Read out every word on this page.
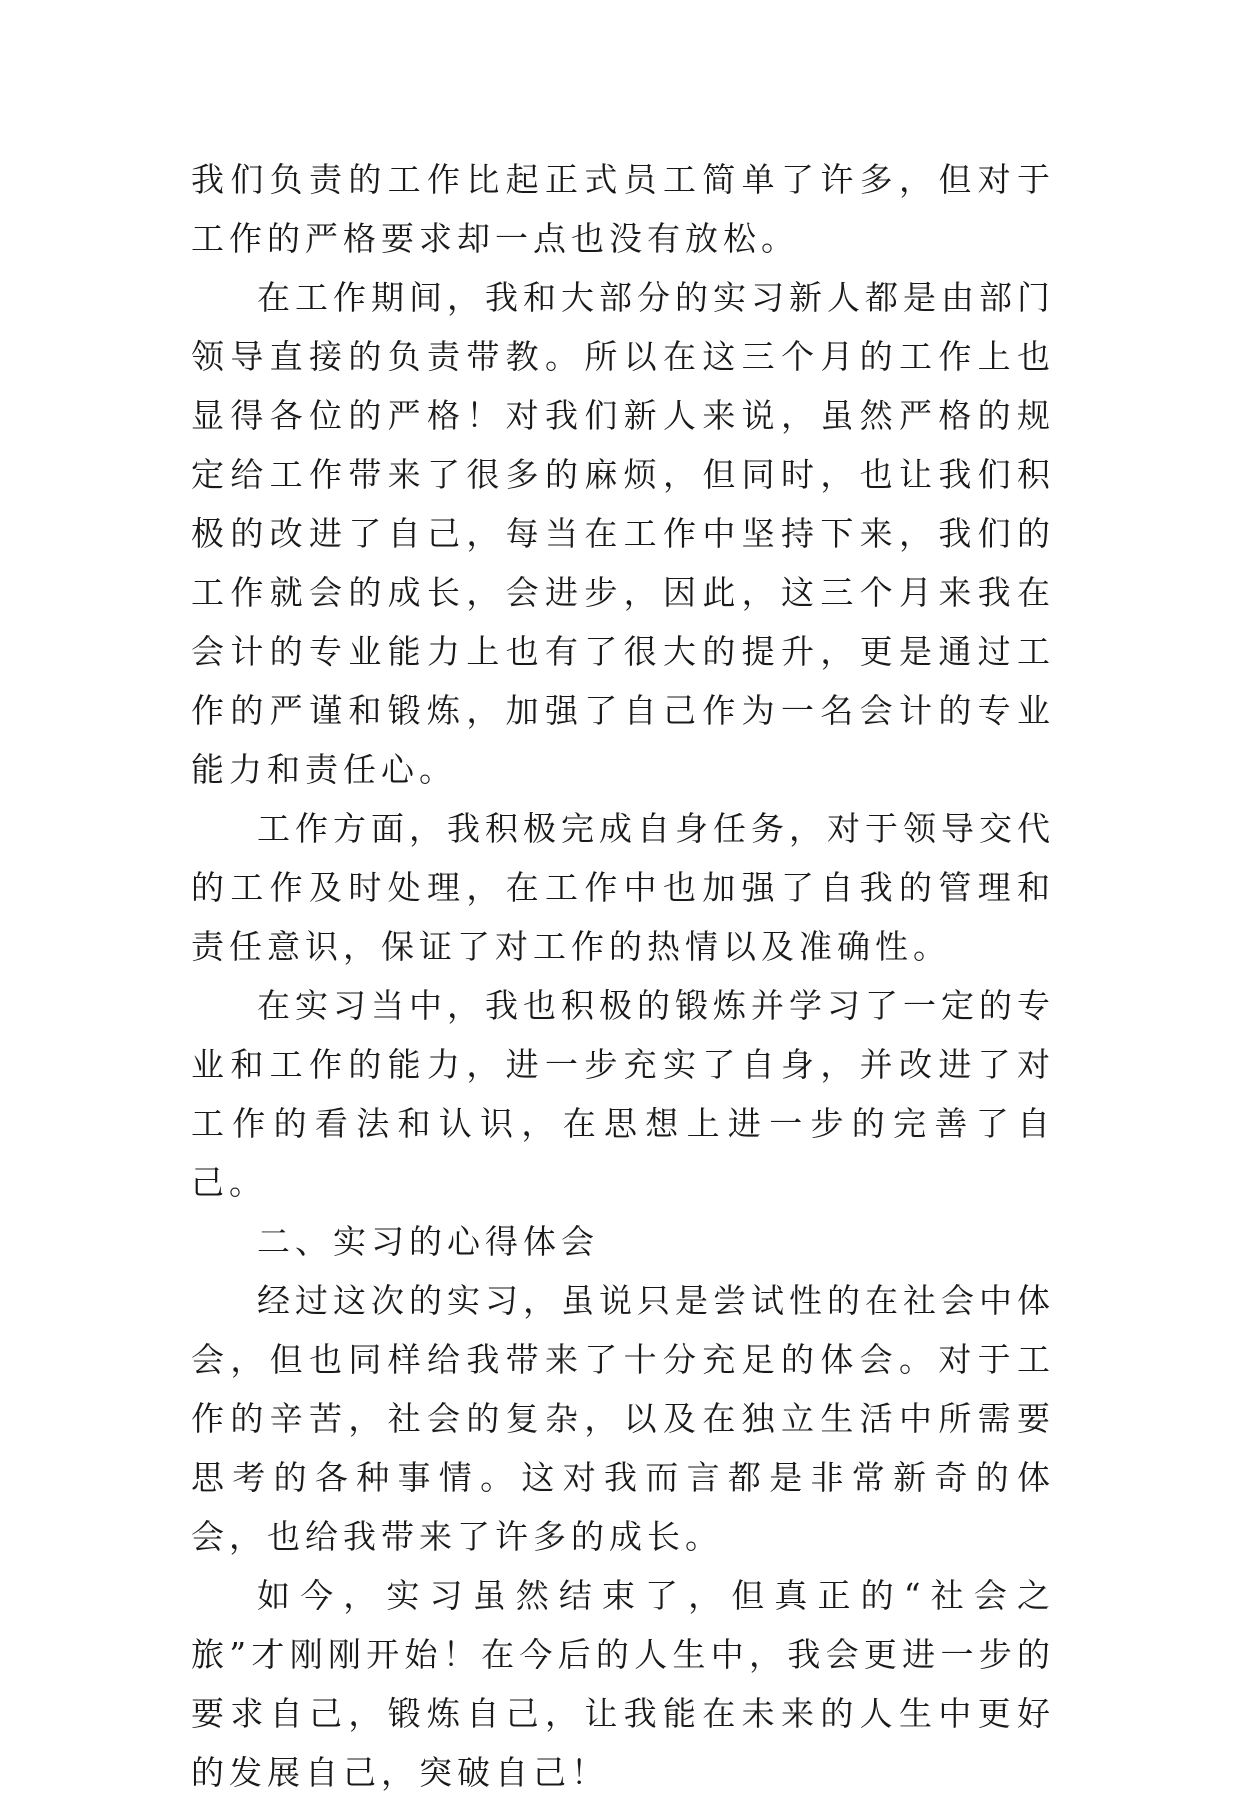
我们负责的工作比起正式员工简单了许多，但对于工作的严格要求却一点也没有放松。

在工作期间，我和大部分的实习新人都是由部门领导直接的负责带教。所以在这三个月的工作上也显得各位的严格！对我们新人来说，虽然严格的规定给工作带来了很多的麻烦，但同时，也让我们积极的改进了自己，每当在工作中坚持下来，我们的工作就会的成长，会进步，因此，这三个月来我在会计的专业能力上也有了很大的提升，更是通过工作的严谨和锻炼，加强了自己作为一名会计的专业能力和责任心。

工作方面，我积极完成自身任务，对于领导交代的工作及时处理，在工作中也加强了自我的管理和责任意识，保证了对工作的热情以及准确性。

在实习当中，我也积极的锻炼并学习了一定的专业和工作的能力，进一步充实了自身，并改进了对工作的看法和认识，在思想上进一步的完善了自己。

二、实习的心得体会

经过这次的实习，虽说只是尝试性的在社会中体会，但也同样给我带来了十分充足的体会。对于工作的辛苦，社会的复杂，以及在独立生活中所需要思考的各种事情。这对我而言都是非常新奇的体会，也给我带来了许多的成长。

如今，实习虽然结束了，但真正的“社会之旅”才刚刚开始！在今后的人生中，我会更进一步的要求自己，锻炼自己，让我能在未来的人生中更好的发展自己，突破自己！
